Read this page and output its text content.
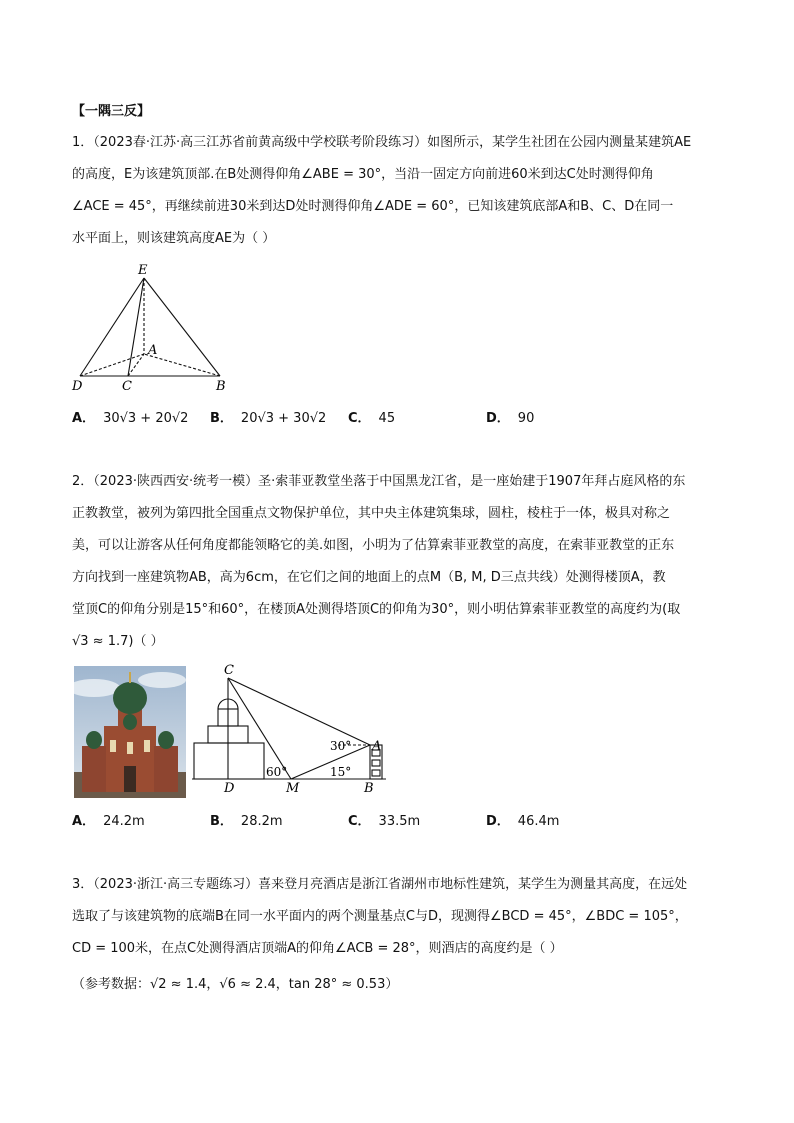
【一隅三反】
1．（2023春·江苏·高三江苏省前黄高级中学校联考阶段练习）如图所示，某学生社团在公园内测量某建筑AE
的高度，E为该建筑顶部.在B处测得仰角∠ABE = 30°，当沿一固定方向前进60米到达C处时测得仰角
∠ACE = 45°，再继续前进30米到达D处时测得仰角∠ADE = 60°，已知该建筑底部A和B、C、D在同一
水平面上，则该建筑高度AE为（ ）
E
A
D	C	B
A． 30√3 + 20√2 B． 20√3 + 30√2 C． 45	D． 90
2．（2023·陕西西安·统考一模）圣·索菲亚教堂坐落于中国黑龙江省，是一座始建于1907年拜占庭风格的东
正教教堂，被列为第四批全国重点文物保护单位，其中央主体建筑集球，圆柱，棱柱于一体，极具对称之
美，可以让游客从任何角度都能领略它的美.如图，小明为了估算索菲亚教堂的高度，在索菲亚教堂的正东
方向找到一座建筑物AB，高为6cm，在它们之间的地面上的点M（B, M, D三点共线）处测得楼顶A，教
堂顶C的仰角分别是15°和60°，在楼顶A处测得塔顶C的仰角为30°，则小明估算索菲亚教堂的高度约为(取
√3 ≈ 1.7)（ ）
C
A
D	M	B
60°
30°
15°
A． 24.2m	B． 28.2m	C． 33.5m	D． 46.4m
3．（2023·浙江·高三专题练习）喜来登月亮酒店是浙江省湖州市地标性建筑，某学生为测量其高度，在远处
选取了与该建筑物的底端B在同一水平面内的两个测量基点C与D，现测得∠BCD = 45°，∠BDC = 105°，
CD = 100米，在点C处测得酒店顶端A的仰角∠ACB = 28°，则酒店的高度约是（ ）
（参考数据：√2 ≈ 1.4，√6 ≈ 2.4，tan 28° ≈ 0.53）
